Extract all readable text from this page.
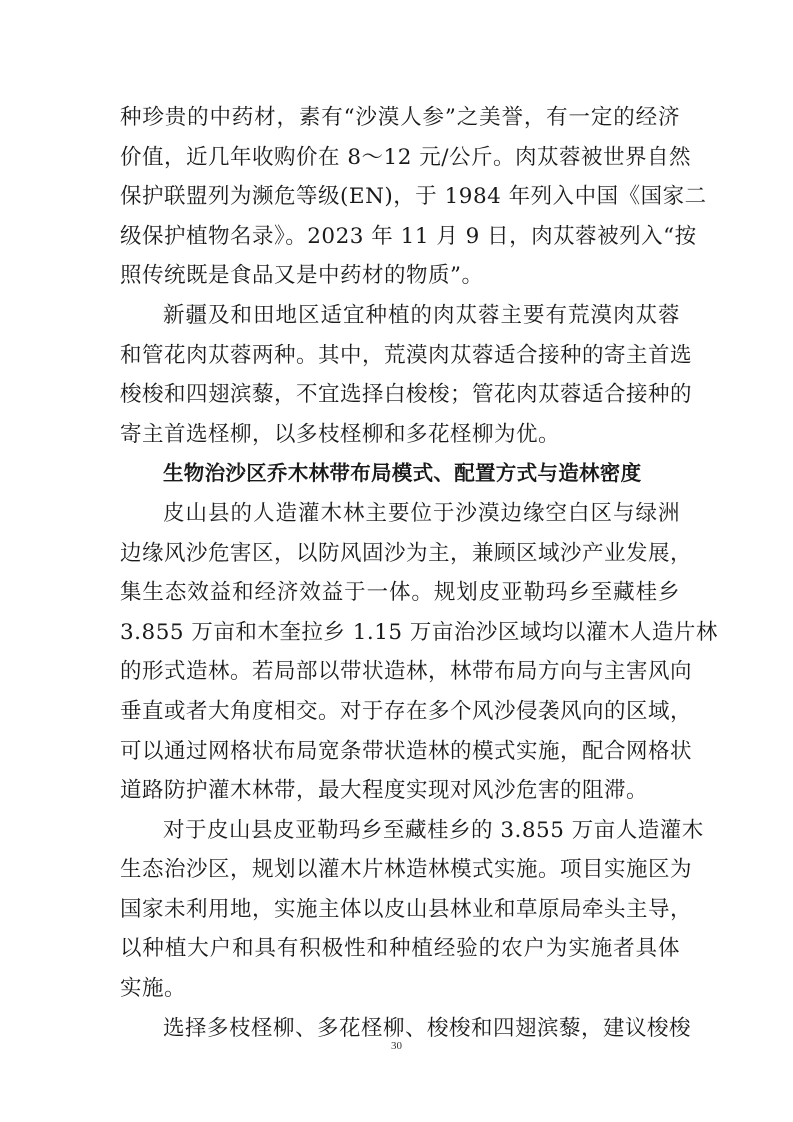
种珍贵的中药材，素有“沙漠人参”之美誉，有一定的经济
价值，近几年收购价在 8～12 元/公斤。肉苁蓉被世界自然
保护联盟列为濒危等级(EN)，于 1984 年列入中国《国家二
级保护植物名录》。2023 年 11 月 9 日，肉苁蓉被列入“按
照传统既是食品又是中药材的物质”。
新疆及和田地区适宜种植的肉苁蓉主要有荒漠肉苁蓉
和管花肉苁蓉两种。其中，荒漠肉苁蓉适合接种的寄主首选
梭梭和四翅滨藜，不宜选择白梭梭；管花肉苁蓉适合接种的
寄主首选柽柳，以多枝柽柳和多花柽柳为优。
生物治沙区乔木林带布局模式、配置方式与造林密度
皮山县的人造灌木林主要位于沙漠边缘空白区与绿洲
边缘风沙危害区，以防风固沙为主，兼顾区域沙产业发展，
集生态效益和经济效益于一体。规划皮亚勒玛乡至藏桂乡
3.855 万亩和木奎拉乡 1.15 万亩治沙区域均以灌木人造片林
的形式造林。若局部以带状造林，林带布局方向与主害风向
垂直或者大角度相交。对于存在多个风沙侵袭风向的区域，
可以通过网格状布局宽条带状造林的模式实施，配合网格状
道路防护灌木林带，最大程度实现对风沙危害的阻滞。
对于皮山县皮亚勒玛乡至藏桂乡的 3.855 万亩人造灌木
生态治沙区，规划以灌木片林造林模式实施。项目实施区为
国家未利用地，实施主体以皮山县林业和草原局牵头主导，
以种植大户和具有积极性和种植经验的农户为实施者具体
实施。
选择多枝柽柳、多花柽柳、梭梭和四翅滨藜，建议梭梭
30
